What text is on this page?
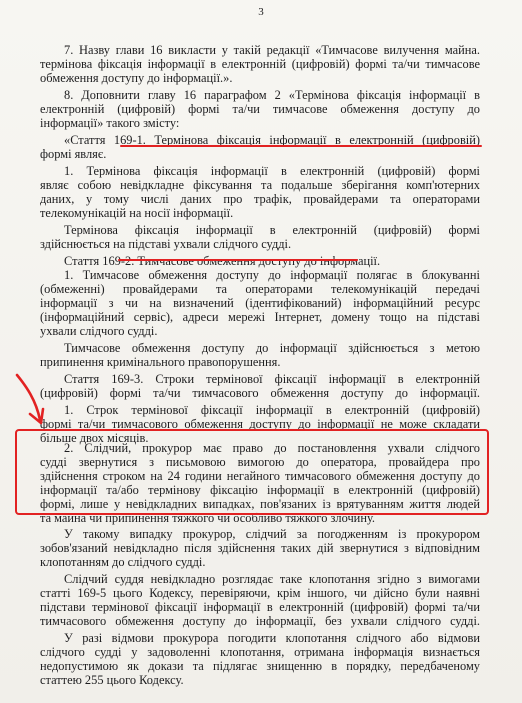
3
7. Назву глави 16 викласти у такій редакції «Тимчасове вилучення майна.
термінова фіксація інформації в електронній (цифровій) формі та/чи тимчасове
обмеження доступу до інформації.».
8. Доповнити главу 16 параграфом 2 «Термінова фіксація інформації в
електронній (цифровій) формі та/чи тимчасове обмеження доступу до
інформації» такого змісту:
«Стаття 169-1. Термінова фіксація інформації в електронній (цифровій)
формі являє.
1. Термінова фіксація інформації в електронній (цифровій) формі
являє собою невідкладне фіксування та подальше зберігання комп'ютерних
даних, у тому числі даних про трафік, провайдерами та операторами
телекомунікацій на носії інформації.
Термінова фіксація інформації в електронній (цифровій) формі
здійснюється на підставі ухвали слідчого судді.
Стаття 169-2. Тимчасове обмеження доступу до інформації.
1. Тимчасове обмеження доступу до інформації полягає в блокуванні
(обмеженні) провайдерами та операторами телекомунікацій передачі
інформації з чи на визначений (ідентифікований) інформаційний ресурс
(інформаційний сервіс), адреси мережі Інтернет, домену тощо на підставі
ухвали слідчого судді.
Тимчасове обмеження доступу до інформації здійснюється з метою
припинення кримінального правопорушення.
Стаття 169-3. Строки термінової фіксації інформації в електронній
(цифровій) формі та/чи тимчасового обмеження доступу до інформації.
1. Строк термінової фіксації інформації в електронній (цифровій)
формі та/чи тимчасового обмеження доступу до інформації не може складати
більше двох місяців.
2. Слідчий, прокурор має право до постановлення ухвали слідчого
судді звернутися з письмовою вимогою до оператора, провайдера про
здійснення строком на 24 години негайного тимчасового обмеження доступу до
інформації та/або термінову фіксацію інформації в електронній (цифровій)
формі, лише у невідкладних випадках, пов'язаних із врятуванням життя людей
та майна чи припинення тяжкого чи особливо тяжкого злочину.
У такому випадку прокурор, слідчий за погодженням із прокурором
зобов'язаний невідкладно після здійснення таких дій звернутися з відповідним
клопотанням до слідчого судді.
Слідчий суддя невідкладно розглядає таке клопотання згідно з вимогами
статті 169-5 цього Кодексу, перевіряючи, крім іншого, чи дійсно були наявні
підстави термінової фіксації інформації в електронній (цифровій) формі та/чи
тимчасового обмеження доступу до інформації, без ухвали слідчого судді.
У разі відмови прокурора погодити клопотання слідчого або відмови
слідчого судді у задоволенні клопотання, отримана інформація визнається
недопустимою як докази та підлягає знищенню в порядку, передбаченому
статтею 255 цього Кодексу.
